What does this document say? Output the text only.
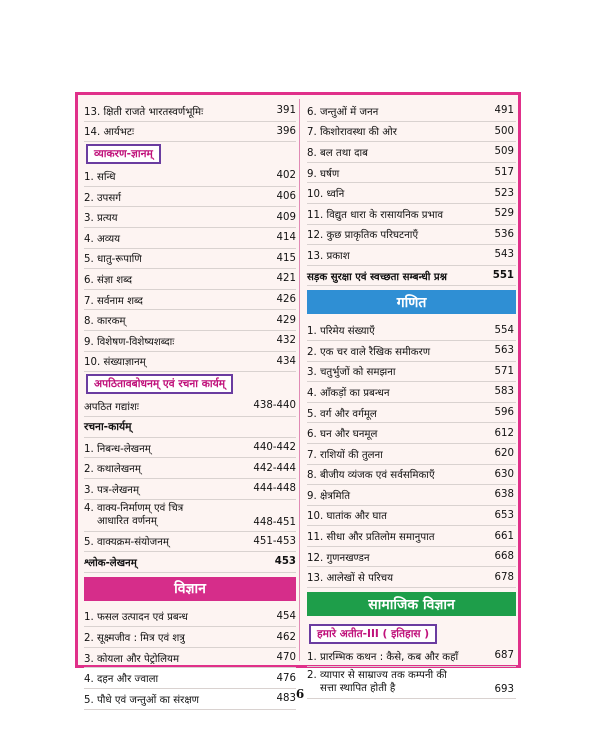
13. क्षिती राजते भारतस्वर्णभूमिः	391
14. आर्यभटः	396
व्याकरण-ज्ञानम्
1. सन्धि	402
2. उपसर्ग	406
3. प्रत्यय	409
4. अव्यय	414
5. धातु-रूपाणि	415
6. संज्ञा शब्द	421
7. सर्वनाम शब्द	426
8. कारकम्	429
9. विशेषण-विशेष्यशब्दाः	432
10. संख्याज्ञानम्	434
अपठितावबोधनम् एवं रचना कार्यम्
अपठित गद्यांशः	438-440
रचना-कार्यम्
1. निबन्ध-लेखनम्	440-442
2. कथालेखनम्	442-444
3. पत्र-लेखनम्	444-448
4. वाक्य-निर्माणम् एवं चित्र
आधारित वर्णनम्	448-451
5. वाक्यक्रम-संयोजनम्	451-453
श्लोक-लेखनम्	453
विज्ञान
1. फसल उत्पादन एवं प्रबन्ध	454
2. सूक्ष्मजीव : मित्र एवं शत्रु	462
3. कोयला और पेट्रोलियम	470
4. दहन और ज्वाला	476
5. पौधे एवं जन्तुओं का संरक्षण	483
6. जन्तुओं में जनन	491
7. किशोरावस्था की ओर	500
8. बल तथा दाब	509
9. घर्षण	517
10. ध्वनि	523
11. विद्युत धारा के रासायनिक प्रभाव	529
12. कुछ प्राकृतिक परिघटनाएँ	536
13. प्रकाश	543
सड़क सुरक्षा एवं स्वच्छता सम्बन्धी प्रश्न	551
गणित
1. परिमेय संख्याएँ	554
2. एक चर वाले रैखिक समीकरण	563
3. चतुर्भुजों को समझना	571
4. आँकड़ों का प्रबन्धन	583
5. वर्ग और वर्गमूल	596
6. घन और घनमूल	612
7. राशियों की तुलना	620
8. बीजीय व्यंजक एवं सर्वसमिकाएँ	630
9. क्षेत्रमिति	638
10. घातांक और घात	653
11. सीधा और प्रतिलोम समानुपात	661
12. गुणनखण्डन	668
13. आलेखों से परिचय	678
सामाजिक विज्ञान
हमारे अतीत-III ( इतिहास )
1. प्रारम्भिक कथन : कैसे, कब और कहाँ	687
2. व्यापार से साम्राज्य तक कम्पनी की
सत्ता स्थापित होती है	693
6
